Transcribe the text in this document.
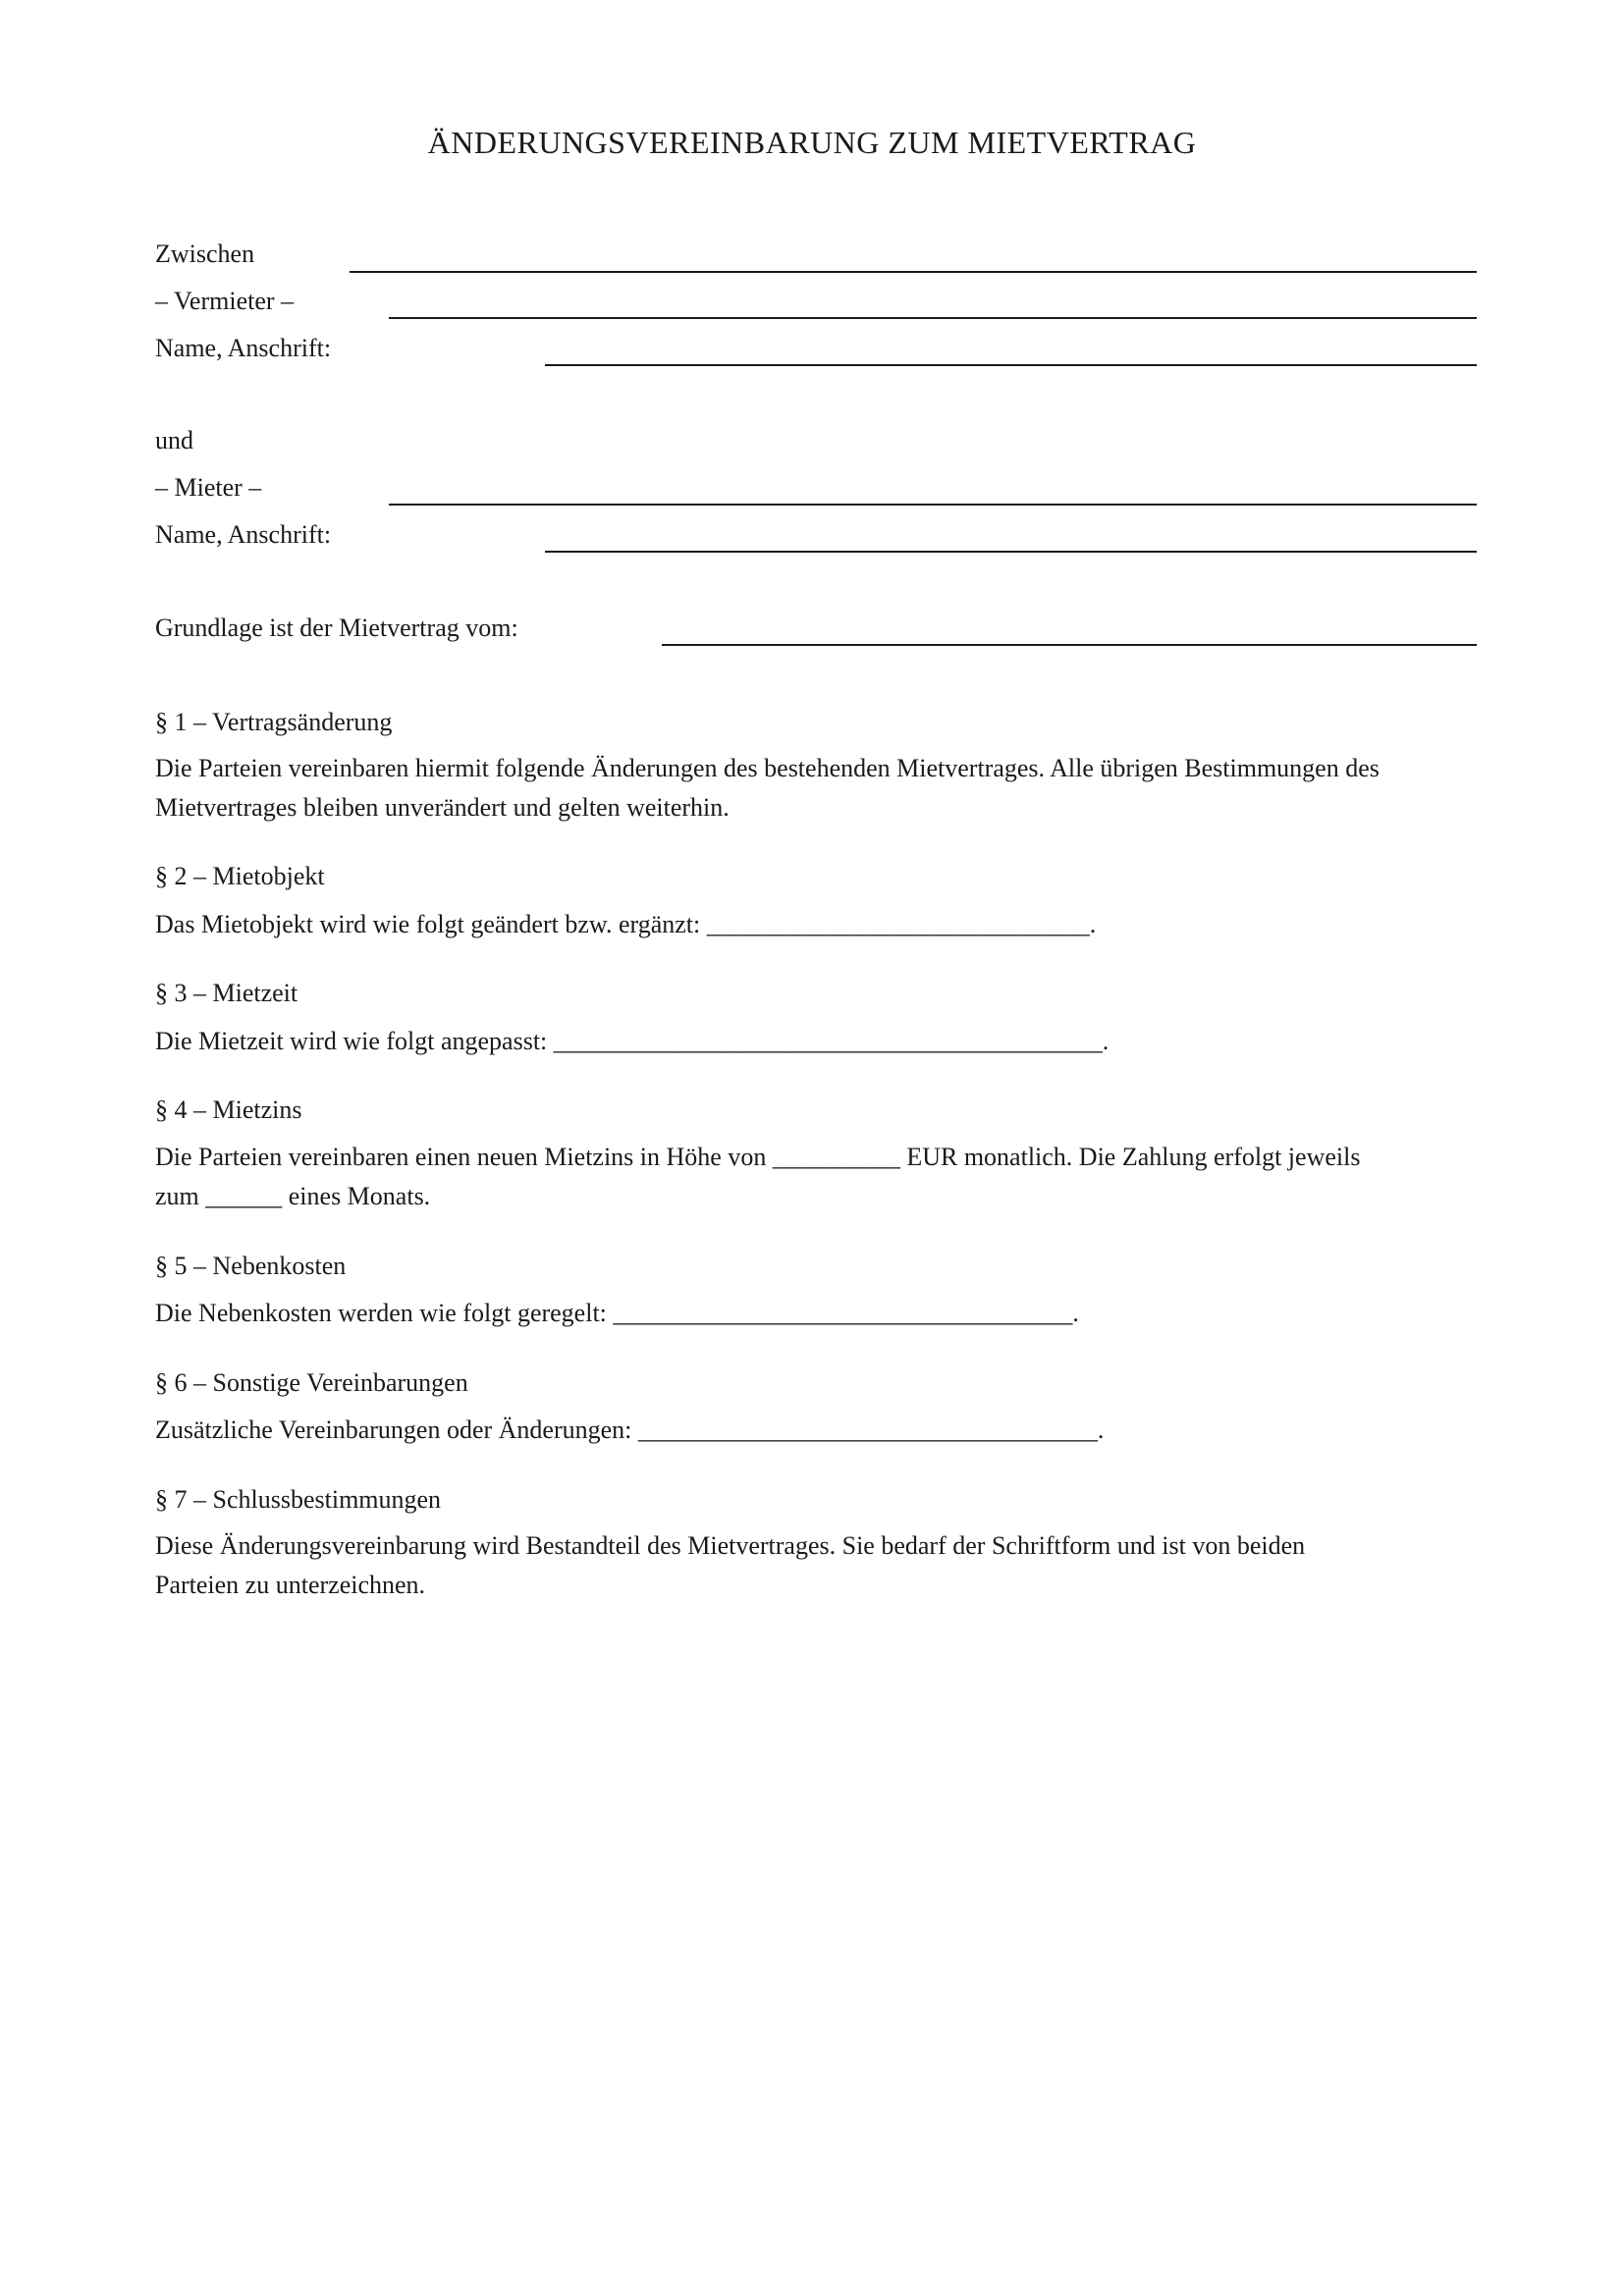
ÄNDERUNGSVEREINBARUNG ZUM MIETVERTRAG
Zwischen
– Vermieter –
Name, Anschrift:
und
– Mieter –
Name, Anschrift:
Grundlage ist der Mietvertrag vom:
§ 1 – Vertragsänderung
Die Parteien vereinbaren hiermit folgende Änderungen des bestehenden Mietvertrages. Alle übrigen Bestimmungen des
Mietvertrages bleiben unverändert und gelten weiterhin.
§ 2 – Mietobjekt
Das Mietobjekt wird wie folgt geändert bzw. ergänzt: ______________________________.
§ 3 – Mietzeit
Die Mietzeit wird wie folgt angepasst: ___________________________________________.
§ 4 – Mietzins
Die Parteien vereinbaren einen neuen Mietzins in Höhe von __________ EUR monatlich. Die Zahlung erfolgt jeweils
zum ______ eines Monats.
§ 5 – Nebenkosten
Die Nebenkosten werden wie folgt geregelt: ____________________________________.
§ 6 – Sonstige Vereinbarungen
Zusätzliche Vereinbarungen oder Änderungen: ____________________________________.
§ 7 – Schlussbestimmungen
Diese Änderungsvereinbarung wird Bestandteil des Mietvertrages. Sie bedarf der Schriftform und ist von beiden
Parteien zu unterzeichnen.
